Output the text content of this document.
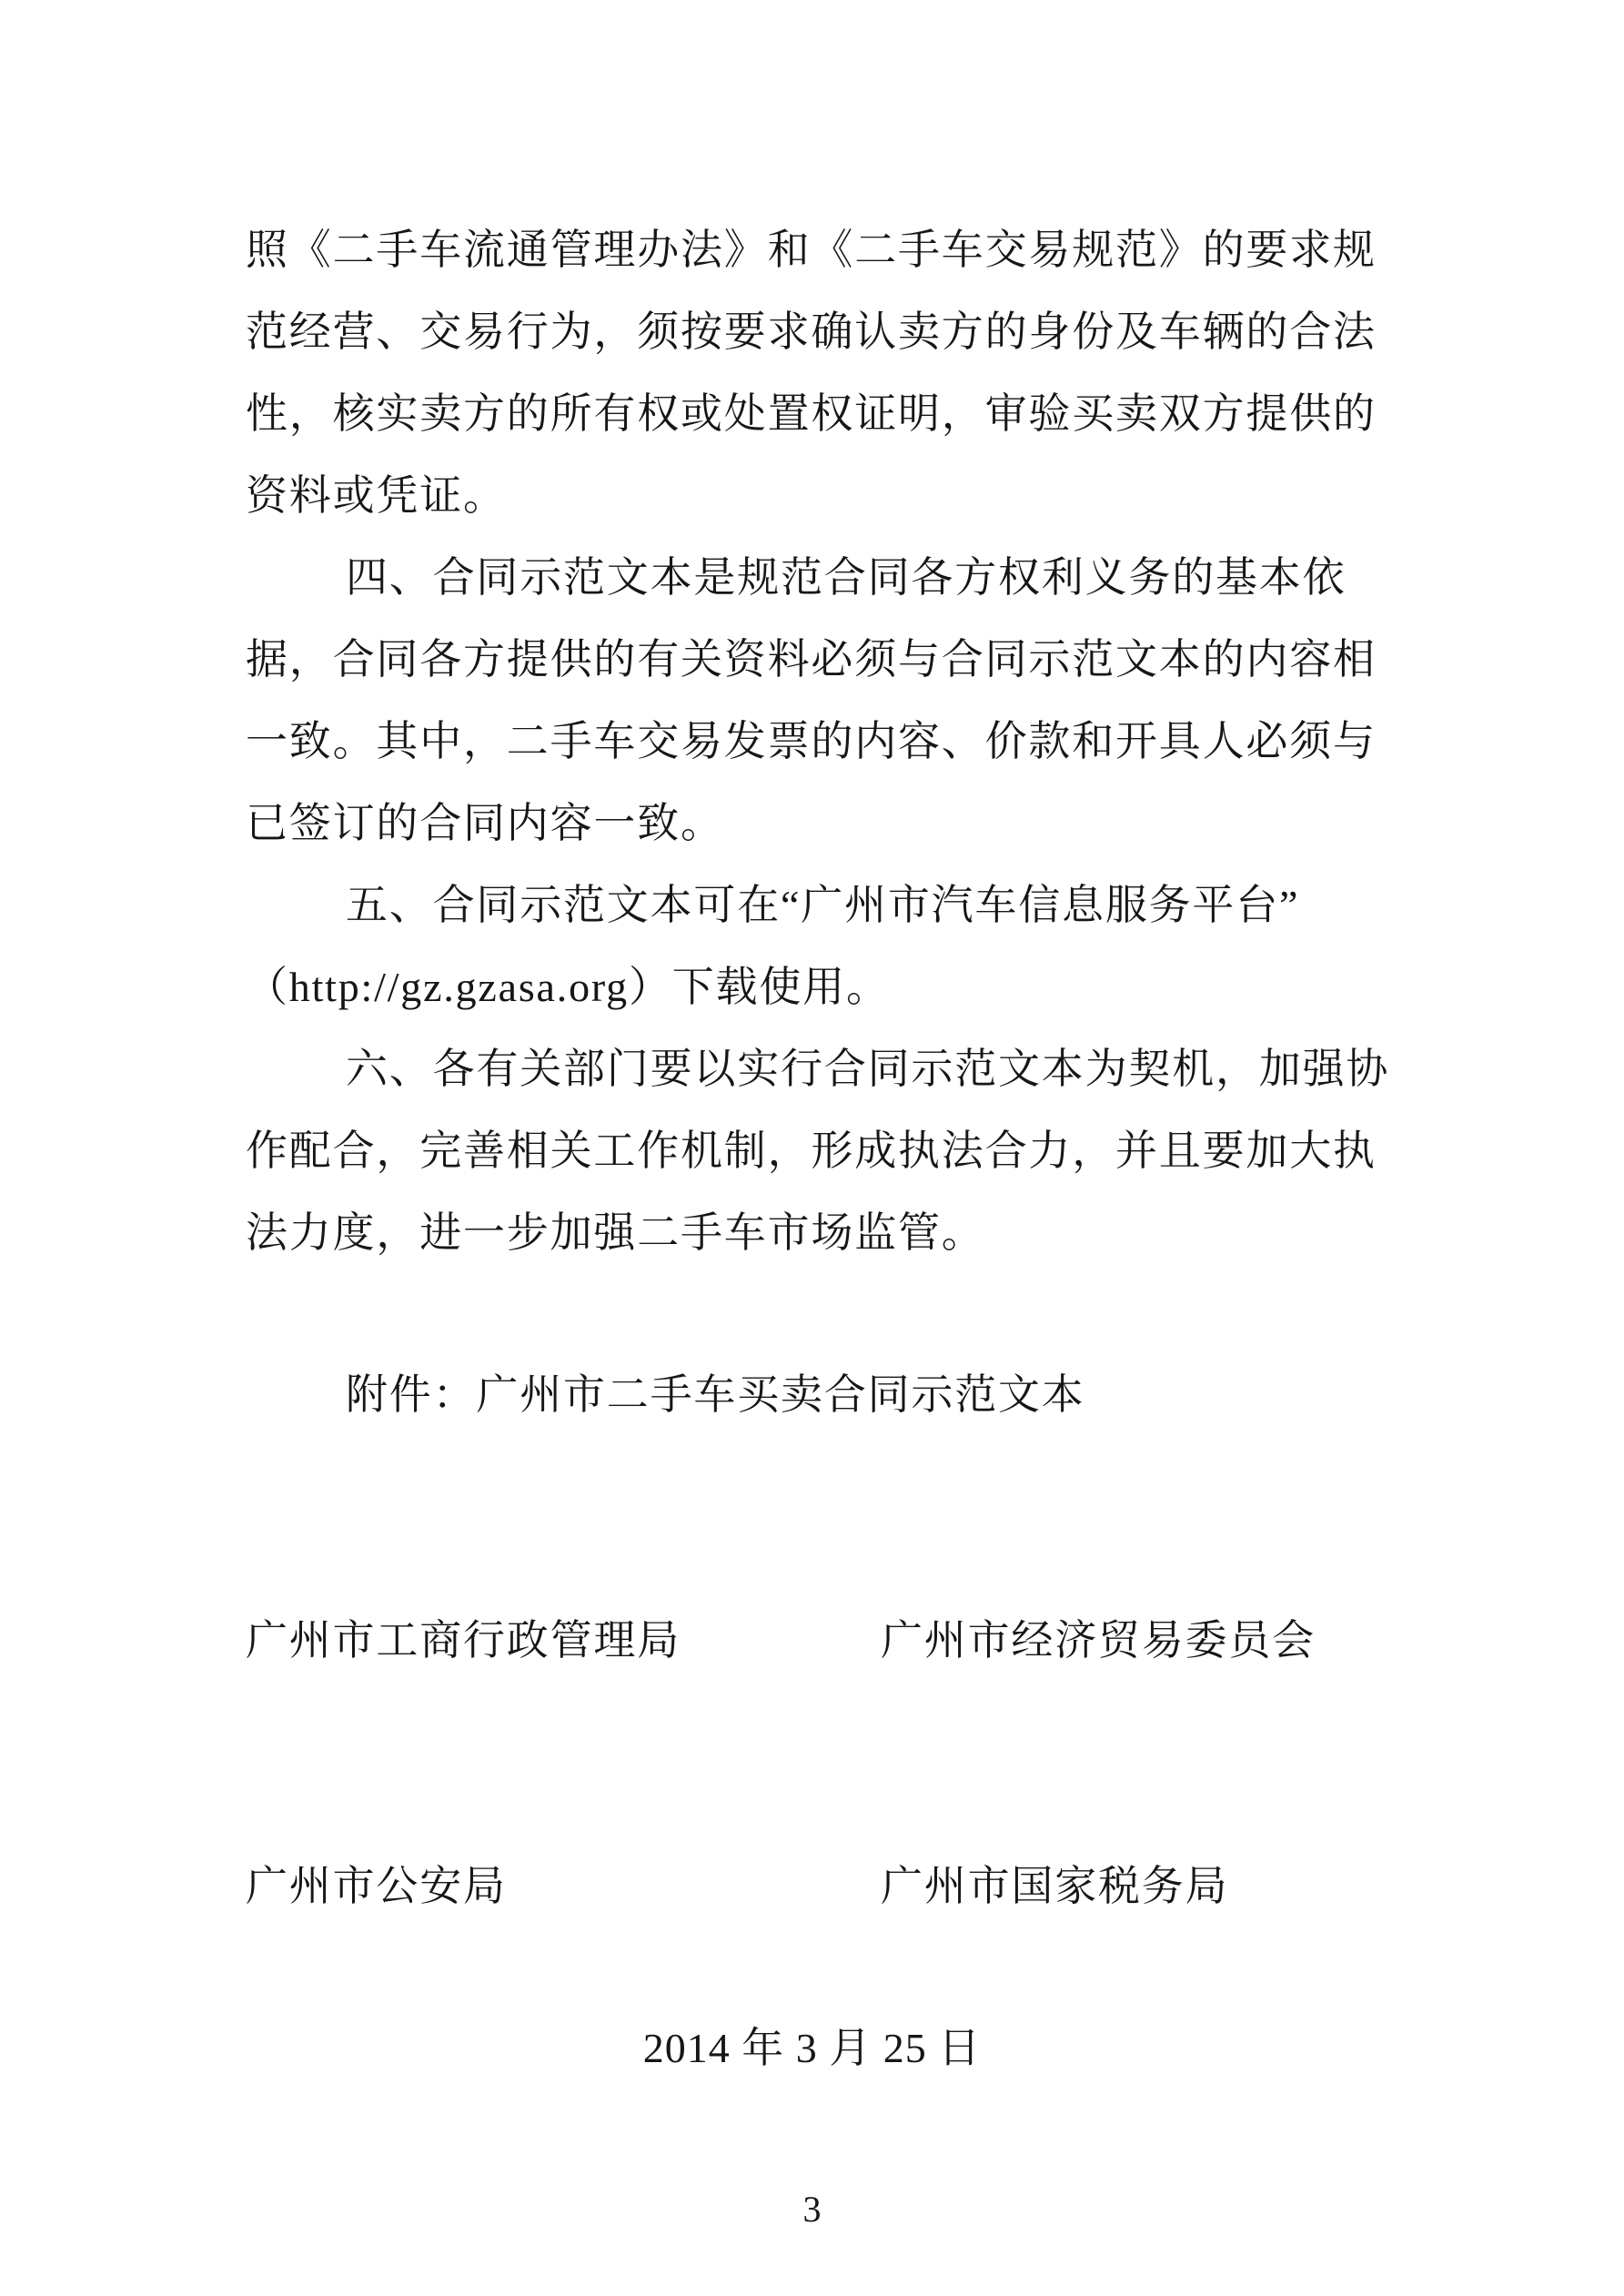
照《二手车流通管理办法》和《二手车交易规范》的要求规
范经营、交易行为，须按要求确认卖方的身份及车辆的合法
性，核实卖方的所有权或处置权证明，审验买卖双方提供的
资料或凭证。
四、合同示范文本是规范合同各方权利义务的基本依
据，合同各方提供的有关资料必须与合同示范文本的内容相
一致。其中，二手车交易发票的内容、价款和开具人必须与
已签订的合同内容一致。
五、合同示范文本可在“广州市汽车信息服务平台”
（http://gz.gzasa.org）下载使用。
六、各有关部门要以实行合同示范文本为契机，加强协
作配合，完善相关工作机制，形成执法合力，并且要加大执
法力度，进一步加强二手车市场监管。
附件：广州市二手车买卖合同示范文本
广州市工商行政管理局	广州市经济贸易委员会
广州市公安局	广州市国家税务局
2014 年 3 月 25 日
3
